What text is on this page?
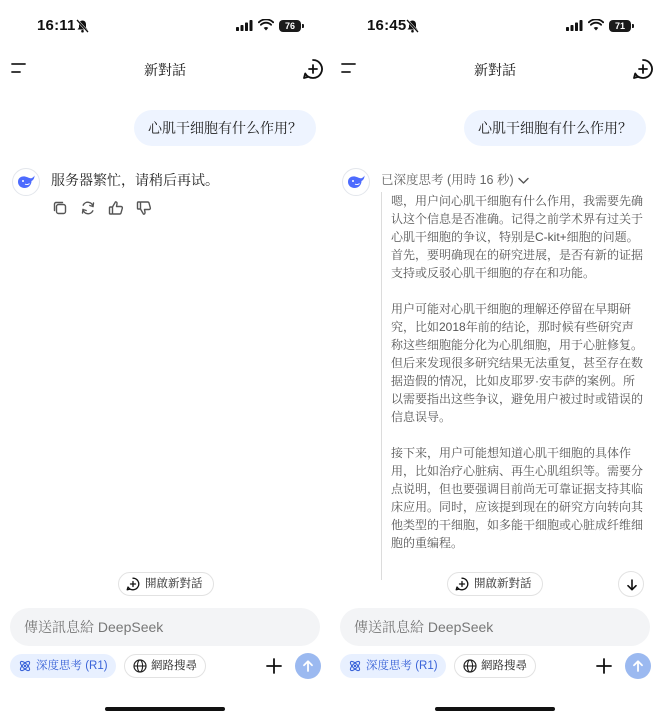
16:11	76
新對話
心肌干细胞有什么作用？
服务器繁忙，请稍后再试。
開啟新對話
傳送訊息給 DeepSeek
深度思考 (R1)	網路搜尋
16:45	71
新對話
心肌干细胞有什么作用？
已深度思考 (用時 16 秒)

嗯，用户问心肌干细胞有什么作用，我需要先确认这个信息是否准确。记得之前学术界有过关于心肌干细胞的争议，特别是C-kit+细胞的问题。首先，要明确现在的研究进展，是否有新的证据支持或反驳心肌干细胞的存在和功能。

用户可能对心肌干细胞的理解还停留在早期研究，比如2018年前的结论，那时候有些研究声称这些细胞能分化为心肌细胞，用于心脏修复。但后来发现很多研究结果无法重复，甚至存在数据造假的情况，比如皮耶罗·安韦萨的案例。所以需要指出这些争议，避免用户被过时或错误的信息误导。

接下来，用户可能想知道心肌干细胞的具体作用，比如治疗心脏病、再生心肌组织等。需要分点说明，但也要强调目前尚无可靠证据支持其临床应用。同时，应该提到现在的研究方向转向其他类型的干细胞，如多能干细胞或心脏成纤维细胞的重编程。

開啟新對話
傳送訊息給 DeepSeek
深度思考 (R1)	網路搜尋
